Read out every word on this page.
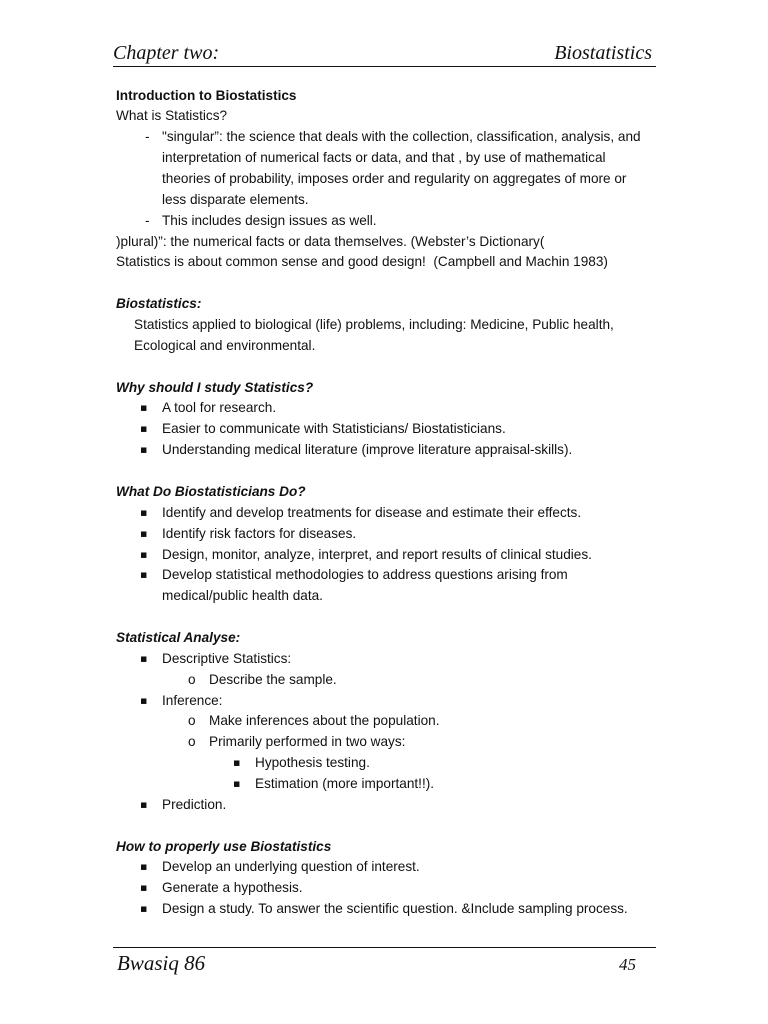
Chapter two:	Biostatistics

Introduction to Biostatistics

What is Statistics?

-

"singular”: the science that deals with the collection, classification, analysis, and

interpretation of numerical facts or data, and that , by use of mathematical

theories of probability, imposes order and regularity on aggregates of more or

less disparate elements.

-

This includes design issues as well.

)plural)”: the numerical facts or data themselves. (Webster’s Dictionary(

Statistics is about common sense and good design!  (Campbell and Machin 1983)

Biostatistics:

Statistics applied to biological (life) problems, including: Medicine, Public health,

Ecological and environmental.

Why should I study Statistics?

▪

A tool for research.

▪

Easier to communicate with Statisticians/ Biostatisticians.

▪

Understanding medical literature (improve literature appraisal-skills).

What Do Biostatisticians Do?

▪

Identify and develop treatments for disease and estimate their effects.

▪

Identify risk factors for diseases.

▪

Design, monitor, analyze, interpret, and report results of clinical studies.

▪

Develop statistical methodologies to address questions arising from

medical/public health data.

Statistical Analyse:

▪

Descriptive Statistics:

o

Describe the sample.

▪

Inference:

o

Make inferences about the population.

o

Primarily performed in two ways:

▪

Hypothesis testing.

▪

Estimation (more important!!).

▪

Prediction.

How to properly use Biostatistics

▪

Develop an underlying question of interest.

▪

Generate a hypothesis.

▪

Design a study. To answer the scientific question. &Include sampling process.

Bwasiq 86	45
